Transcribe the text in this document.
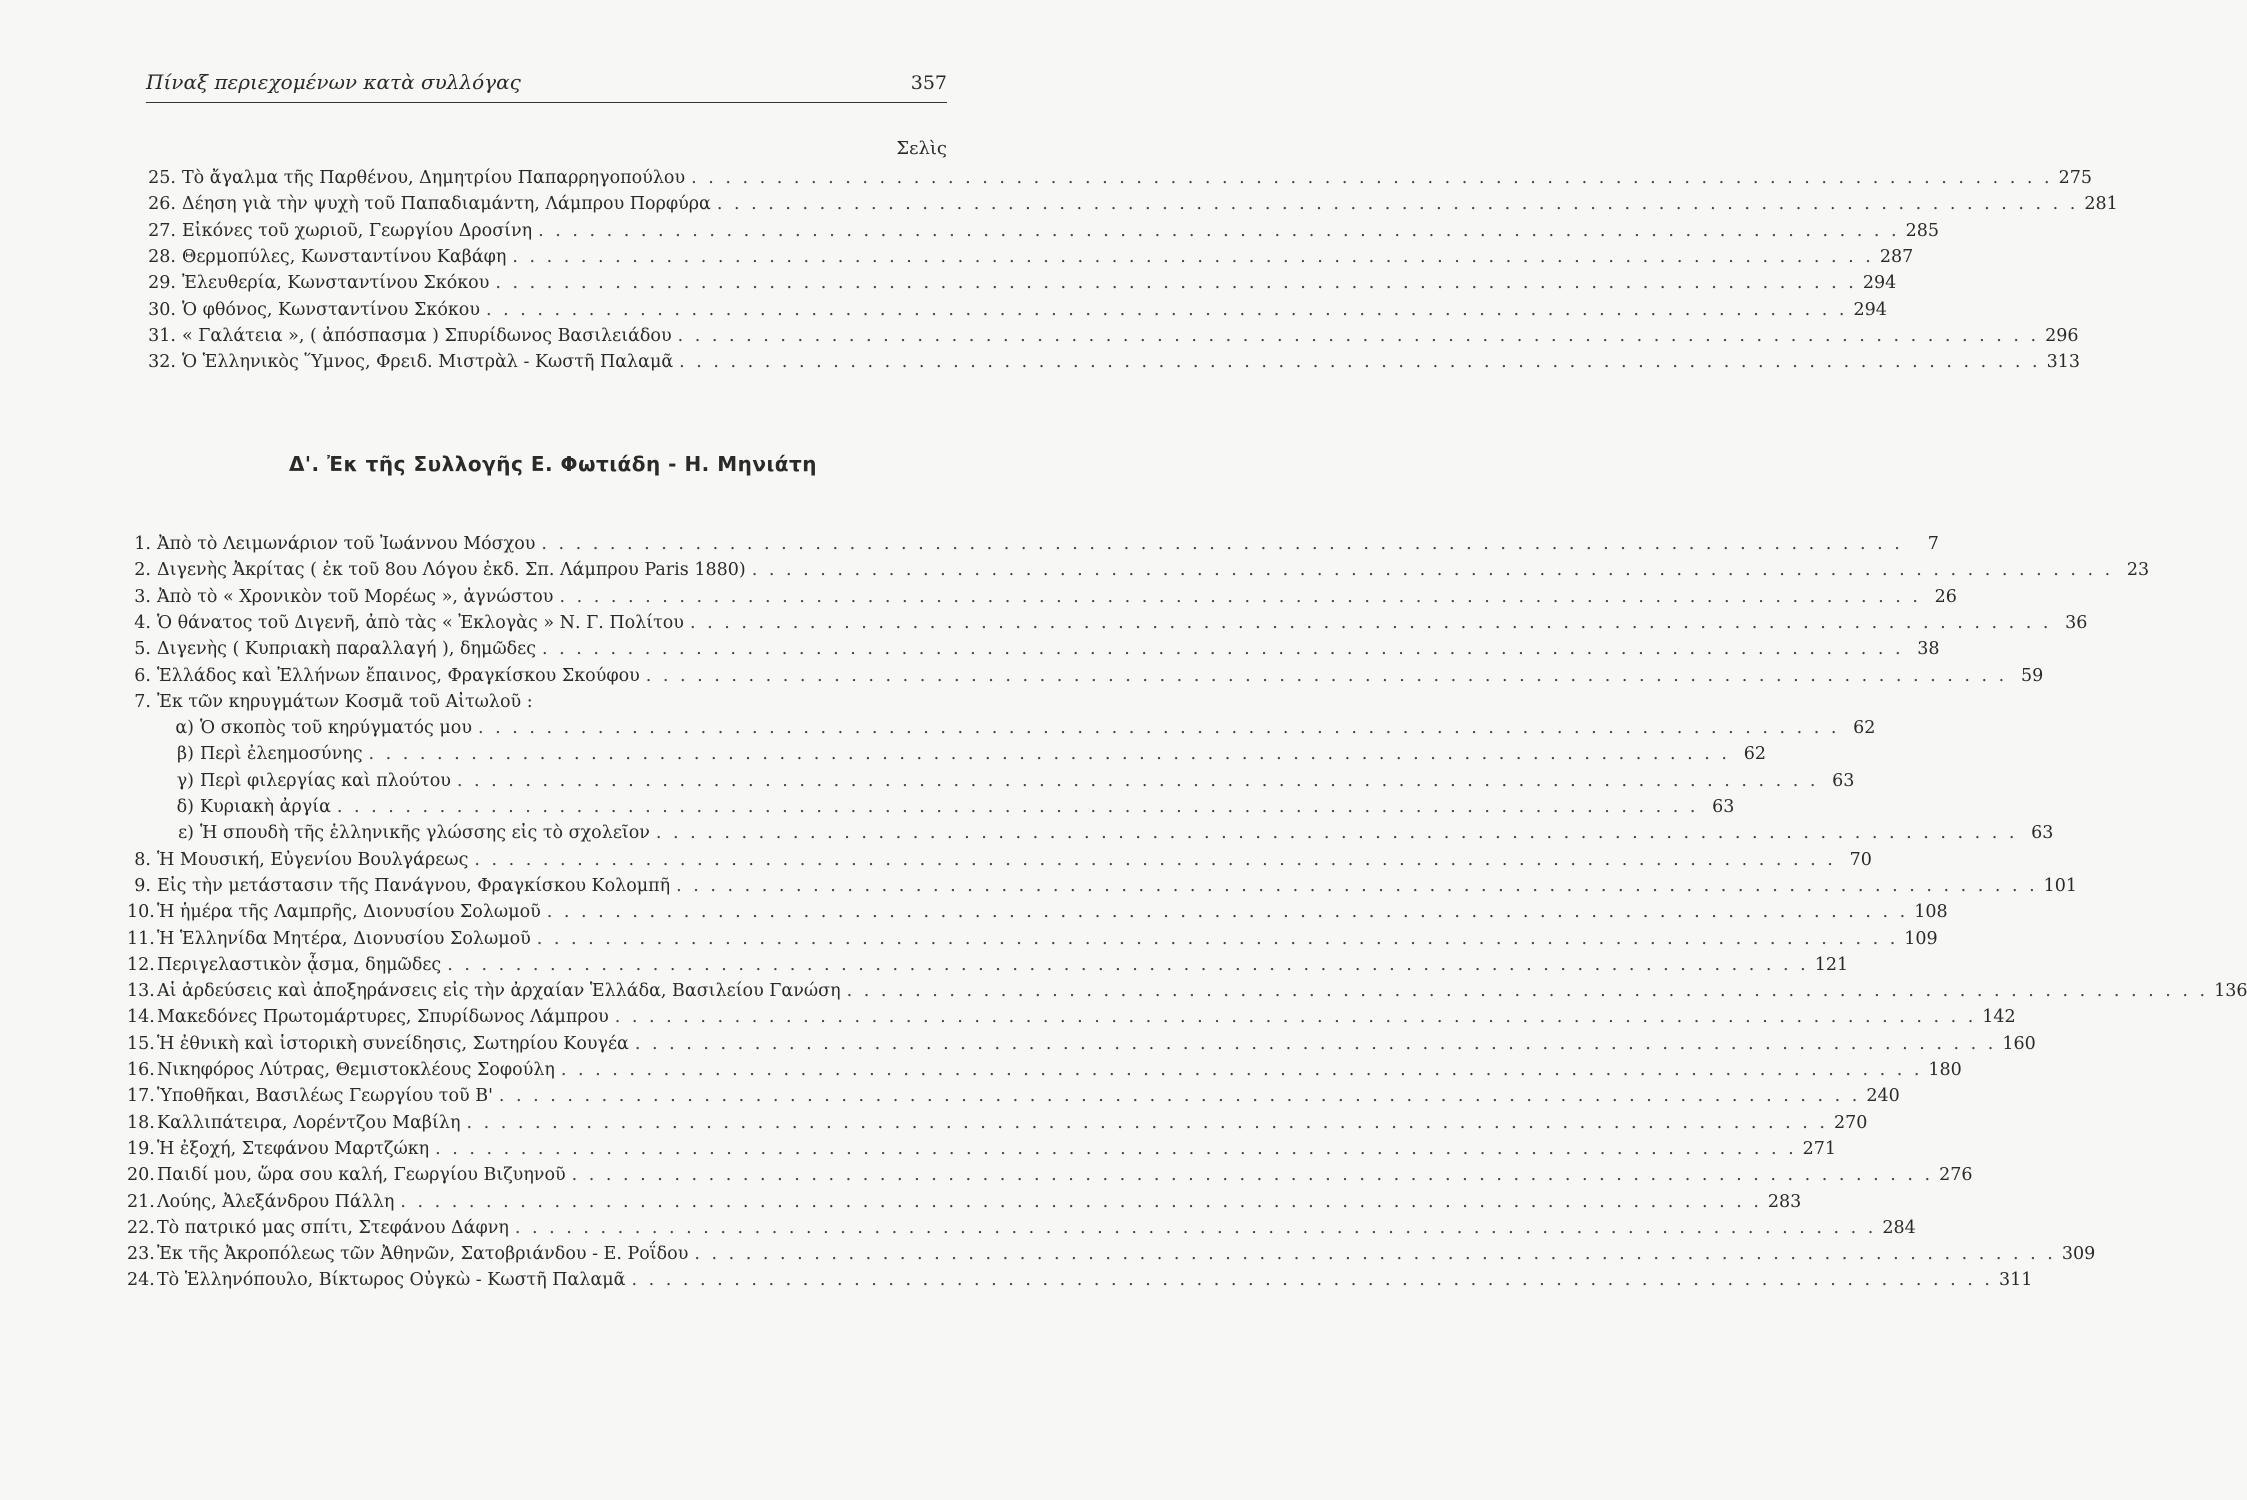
Πίναξ περιεχομένων κατὰ συλλόγας	357
Σελὶς
25. Τὸ ἄγαλμα τῆς Παρθένου, Δημητρίου Παπαρρηγοπούλου . . . . . . . . . . . . . . . . . . . . . . . . . . . . . . . . . . . . . . . . . . . . . . . . . . . . . . . . . . . . . . . . . . . . . . . . . . . . . . . . 275
26. Δέηση γιὰ τὴν ψυχὴ τοῦ Παπαδιαμάντη, Λάμπρου Πορφύρα . . . . . . . . . . . . . . . . . . . . . . . . . . . . . . . . . . . . . . . . . . . . . . . . . . . . . . . . . . . . . . . . . . . . . . . . . . . . . . . . 281
27. Εἰκόνες τοῦ χωριοῦ, Γεωργίου Δροσίνη . . . . . . . . . . . . . . . . . . . . . . . . . . . . . . . . . . . . . . . . . . . . . . . . . . . . . . . . . . . . . . . . . . . . . . . . . . . . . . . . 285
28. Θερμοπύλες, Κωνσταντίνου Καβάφη . . . . . . . . . . . . . . . . . . . . . . . . . . . . . . . . . . . . . . . . . . . . . . . . . . . . . . . . . . . . . . . . . . . . . . . . . . . . . . . . 287
29. Ἐλευθερία, Κωνσταντίνου Σκόκου . . . . . . . . . . . . . . . . . . . . . . . . . . . . . . . . . . . . . . . . . . . . . . . . . . . . . . . . . . . . . . . . . . . . . . . . . . . . . . . . 294
30. Ὁ φθόνος, Κωνσταντίνου Σκόκου . . . . . . . . . . . . . . . . . . . . . . . . . . . . . . . . . . . . . . . . . . . . . . . . . . . . . . . . . . . . . . . . . . . . . . . . . . . . . . . . 294
31. « Γαλάτεια », ( ἀπόσπασμα ) Σπυρίδωνος Βασιλειάδου . . . . . . . . . . . . . . . . . . . . . . . . . . . . . . . . . . . . . . . . . . . . . . . . . . . . . . . . . . . . . . . . . . . . . . . . . . . . . . . . 296
32. Ὁ Ἑλληνικὸς Ὕμνος, Φρειδ. Μιστρὰλ - Κωστῆ Παλαμᾶ . . . . . . . . . . . . . . . . . . . . . . . . . . . . . . . . . . . . . . . . . . . . . . . . . . . . . . . . . . . . . . . . . . . . . . . . . . . . . . . . 313
Δ'. Ἐκ τῆς Συλλογῆς Ε. Φωτιάδη - Η. Μηνιάτη
1. Ἀπὸ τὸ Λειμωνάριον τοῦ Ἰωάννου Μόσχου . . . . . . . . . . . . . . . . . . . . . . . . . . . . . . . . . . . . . . . . . . . . . . . . . . . . . . . . . . . . . . . . . . . . . . . . . . . . . . . .	7
2. Διγενὴς Ἀκρίτας ( ἐκ τοῦ 8ου Λόγου ἐκδ. Σπ. Λάμπρου Paris 1880) . . . . . . . . . . . . . . . . . . . . . . . . . . . . . . . . . . . . . . . . . . . . . . . . . . . . . . . . . . . . . . . . . . . . . . . . . . . . . . . . 23
3. Ἀπὸ τὸ « Χρονικὸν τοῦ Μορέως », ἀγνώστου . . . . . . . . . . . . . . . . . . . . . . . . . . . . . . . . . . . . . . . . . . . . . . . . . . . . . . . . . . . . . . . . . . . . . . . . . . . . . . . . 26
4. Ὁ θάνατος τοῦ Διγενῆ, ἀπὸ τὰς « Ἐκλογὰς » Ν. Γ. Πολίτου . . . . . . . . . . . . . . . . . . . . . . . . . . . . . . . . . . . . . . . . . . . . . . . . . . . . . . . . . . . . . . . . . . . . . . . . . . . . . . . . 36
5. Διγενὴς ( Κυπριακὴ παραλλαγή ), δημῶδες . . . . . . . . . . . . . . . . . . . . . . . . . . . . . . . . . . . . . . . . . . . . . . . . . . . . . . . . . . . . . . . . . . . . . . . . . . . . . . . . 38
6. Ἑλλάδος καὶ Ἑλλήνων ἔπαινος, Φραγκίσκου Σκούφου . . . . . . . . . . . . . . . . . . . . . . . . . . . . . . . . . . . . . . . . . . . . . . . . . . . . . . . . . . . . . . . . . . . . . . . . . . . . . . . . 59
7. Ἐκ τῶν κηρυγμάτων Κοσμᾶ τοῦ Αἰτωλοῦ :
α) Ὁ σκοπὸς τοῦ κηρύγματός μου . . . . . . . . . . . . . . . . . . . . . . . . . . . . . . . . . . . . . . . . . . . . . . . . . . . . . . . . . . . . . . . . . . . . . . . . . . . . . . . . 62
β) Περὶ ἐλεημοσύνης . . . . . . . . . . . . . . . . . . . . . . . . . . . . . . . . . . . . . . . . . . . . . . . . . . . . . . . . . . . . . . . . . . . . . . . . . . . . . . . . 62
γ) Περὶ φιλεργίας καὶ πλούτου . . . . . . . . . . . . . . . . . . . . . . . . . . . . . . . . . . . . . . . . . . . . . . . . . . . . . . . . . . . . . . . . . . . . . . . . . . . . . . . . 63
δ) Κυριακὴ ἀργία . . . . . . . . . . . . . . . . . . . . . . . . . . . . . . . . . . . . . . . . . . . . . . . . . . . . . . . . . . . . . . . . . . . . . . . . . . . . . . . . 63
ε) Ἡ σπουδὴ τῆς ἑλληνικῆς γλώσσης εἰς τὸ σχολεῖον . . . . . . . . . . . . . . . . . . . . . . . . . . . . . . . . . . . . . . . . . . . . . . . . . . . . . . . . . . . . . . . . . . . . . . . . . . . . . . . . 63
8. Ἡ Μουσική, Εὐγενίου Βουλγάρεως . . . . . . . . . . . . . . . . . . . . . . . . . . . . . . . . . . . . . . . . . . . . . . . . . . . . . . . . . . . . . . . . . . . . . . . . . . . . . . . . 70
9. Εἰς τὴν μετάστασιν τῆς Πανάγνου, Φραγκίσκου Κολομπῆ . . . . . . . . . . . . . . . . . . . . . . . . . . . . . . . . . . . . . . . . . . . . . . . . . . . . . . . . . . . . . . . . . . . . . . . . . . . . . . . . 101
10. Ἡ ἡμέρα τῆς Λαμπρῆς, Διονυσίου Σολωμοῦ . . . . . . . . . . . . . . . . . . . . . . . . . . . . . . . . . . . . . . . . . . . . . . . . . . . . . . . . . . . . . . . . . . . . . . . . . . . . . . . . 108
11. Ἡ Ἑλληνίδα Μητέρα, Διονυσίου Σολωμοῦ . . . . . . . . . . . . . . . . . . . . . . . . . . . . . . . . . . . . . . . . . . . . . . . . . . . . . . . . . . . . . . . . . . . . . . . . . . . . . . . . 109
12. Περιγελαστικὸν ᾆσμα, δημῶδες . . . . . . . . . . . . . . . . . . . . . . . . . . . . . . . . . . . . . . . . . . . . . . . . . . . . . . . . . . . . . . . . . . . . . . . . . . . . . . . . 121
13. Αἱ ἀρδεύσεις καὶ ἀποξηράνσεις εἰς τὴν ἀρχαίαν Ἑλλάδα, Βασιλείου Γανώση . . . . . . . . . . . . . . . . . . . . . . . . . . . . . . . . . . . . . . . . . . . . . . . . . . . . . . . . . . . . . . . . . . . . . . . . . . . . . . . . 136
14. Μακεδόνες Πρωτομάρτυρες, Σπυρίδωνος Λάμπρου . . . . . . . . . . . . . . . . . . . . . . . . . . . . . . . . . . . . . . . . . . . . . . . . . . . . . . . . . . . . . . . . . . . . . . . . . . . . . . . . 142
15. Ἡ ἐθνικὴ καὶ ἱστορικὴ συνείδησις, Σωτηρίου Κουγέα . . . . . . . . . . . . . . . . . . . . . . . . . . . . . . . . . . . . . . . . . . . . . . . . . . . . . . . . . . . . . . . . . . . . . . . . . . . . . . . . 160
16. Νικηφόρος Λύτρας, Θεμιστοκλέους Σοφούλη . . . . . . . . . . . . . . . . . . . . . . . . . . . . . . . . . . . . . . . . . . . . . . . . . . . . . . . . . . . . . . . . . . . . . . . . . . . . . . . . 180
17. Ὑποθῆκαι, Βασιλέως Γεωργίου τοῦ Β' . . . . . . . . . . . . . . . . . . . . . . . . . . . . . . . . . . . . . . . . . . . . . . . . . . . . . . . . . . . . . . . . . . . . . . . . . . . . . . . . 240
18. Καλλιπάτειρα, Λορέντζου Μαβίλη . . . . . . . . . . . . . . . . . . . . . . . . . . . . . . . . . . . . . . . . . . . . . . . . . . . . . . . . . . . . . . . . . . . . . . . . . . . . . . . . 270
19. Ἡ ἐξοχή, Στεφάνου Μαρτζώκη . . . . . . . . . . . . . . . . . . . . . . . . . . . . . . . . . . . . . . . . . . . . . . . . . . . . . . . . . . . . . . . . . . . . . . . . . . . . . . . . 271
20. Παιδί μου, ὥρα σου καλή, Γεωργίου Βιζυηνοῦ . . . . . . . . . . . . . . . . . . . . . . . . . . . . . . . . . . . . . . . . . . . . . . . . . . . . . . . . . . . . . . . . . . . . . . . . . . . . . . . . 276
21. Λούης, Ἀλεξάνδρου Πάλλη . . . . . . . . . . . . . . . . . . . . . . . . . . . . . . . . . . . . . . . . . . . . . . . . . . . . . . . . . . . . . . . . . . . . . . . . . . . . . . . . 283
22. Τὸ πατρικό μας σπίτι, Στεφάνου Δάφνη . . . . . . . . . . . . . . . . . . . . . . . . . . . . . . . . . . . . . . . . . . . . . . . . . . . . . . . . . . . . . . . . . . . . . . . . . . . . . . . . 284
23. Ἐκ τῆς Ἀκροπόλεως τῶν Ἀθηνῶν, Σατοβριάνδου - Ε. Ροΐδου . . . . . . . . . . . . . . . . . . . . . . . . . . . . . . . . . . . . . . . . . . . . . . . . . . . . . . . . . . . . . . . . . . . . . . . . . . . . . . . . 309
24. Τὸ Ἑλληνόπουλο, Βίκτωρος Οὐγκὼ - Κωστῆ Παλαμᾶ . . . . . . . . . . . . . . . . . . . . . . . . . . . . . . . . . . . . . . . . . . . . . . . . . . . . . . . . . . . . . . . . . . . . . . . . . . . . . . . . 311
